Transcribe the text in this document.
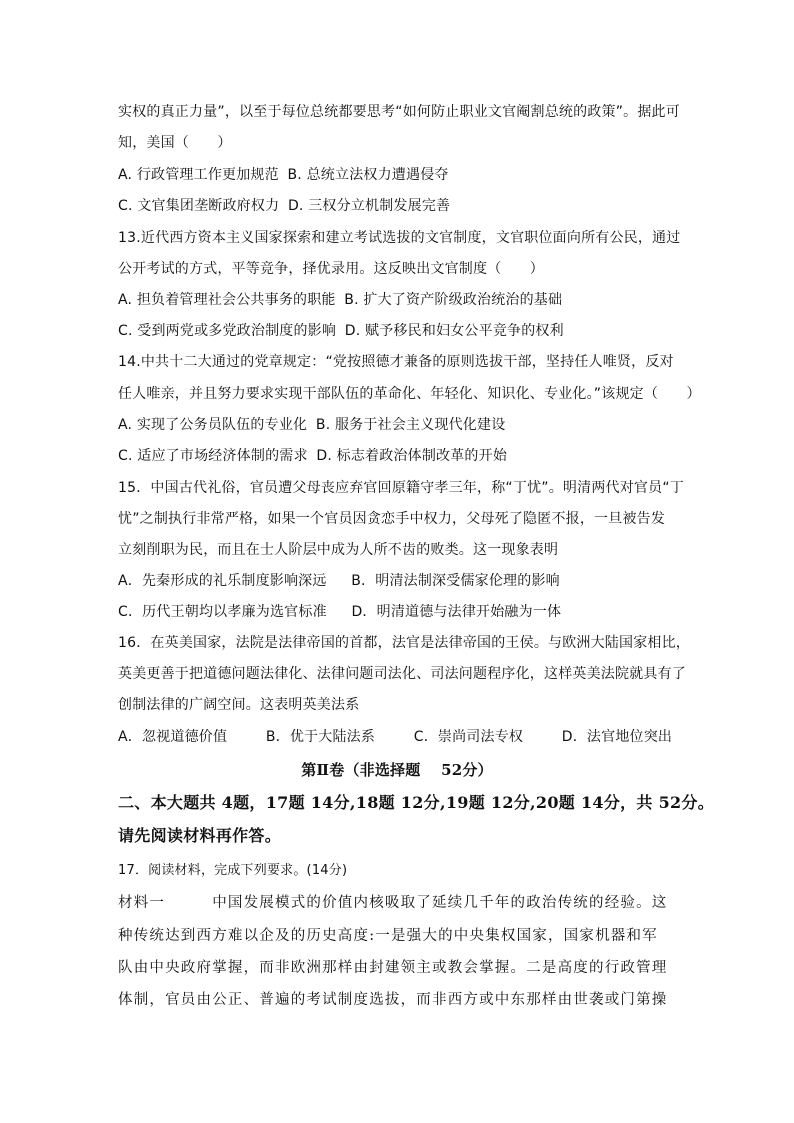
实权的真正力量”，以至于每位总统都要思考“如何防止职业文官阉割总统的政策”。据此可
知，美国（　　）
A. 行政管理工作更加规范 B. 总统立法权力遭遇侵夺
C. 文官集团垄断政府权力 D. 三权分立机制发展完善
13.近代西方资本主义国家探索和建立考试选拔的文官制度，文官职位面向所有公民，通过
公开考试的方式，平等竞争，择优录用。这反映出文官制度（　　）
A. 担负着管理社会公共事务的职能 B. 扩大了资产阶级政治统治的基础
C. 受到两党或多党政治制度的影响 D. 赋予移民和妇女公平竞争的权利
14.中共十二大通过的党章规定：“党按照德才兼备的原则选拔干部，坚持任人唯贤，反对
任人唯亲，并且努力要求实现干部队伍的革命化、年轻化、知识化、专业化。”该规定（　　）
A. 实现了公务员队伍的专业化 B. 服务于社会主义现代化建设
C. 适应了市场经济体制的需求 D. 标志着政治体制改革的开始
15．中国古代礼俗，官员遭父母丧应弃官回原籍守孝三年，称“丁忧”。明清两代对官员“丁
忧”之制执行非常严格，如果一个官员因贪恋手中权力，父母死了隐匿不报，一旦被告发
立刻削职为民，而且在士人阶层中成为人所不齿的败类。这一现象表明
A．先秦形成的礼乐制度影响深远 B．明清法制深受儒家伦理的影响
C．历代王朝均以孝廉为选官标准 D．明清道德与法律开始融为一体
16．在英美国家，法院是法律帝国的首都，法官是法律帝国的王侯。与欧洲大陆国家相比，
英美更善于把道德问题法律化、法律问题司法化、司法问题程序化，这样英美法院就具有了
创制法律的广阔空间。这表明英美法系
A．忽视道德价值	B．优于大陆法系	C．崇尚司法专权	D．法官地位突出
第Ⅱ卷（非选择题　 52分）
二、本大题共 4题，17题 14分,18题 12分,19题 12分,20题 14分，共 52分。
请先阅读材料再作答。
17．阅读材料，完成下列要求。(14分)
材料一　　　中国发展模式的价值内核吸取了延续几千年的政治传统的经验。这
种传统达到西方难以企及的历史高度:一是强大的中央集权国家，国家机器和军
队由中央政府掌握，而非欧洲那样由封建领主或教会掌握。二是高度的行政管理
体制，官员由公正、普遍的考试制度选拔，而非西方或中东那样由世袭或门第操
